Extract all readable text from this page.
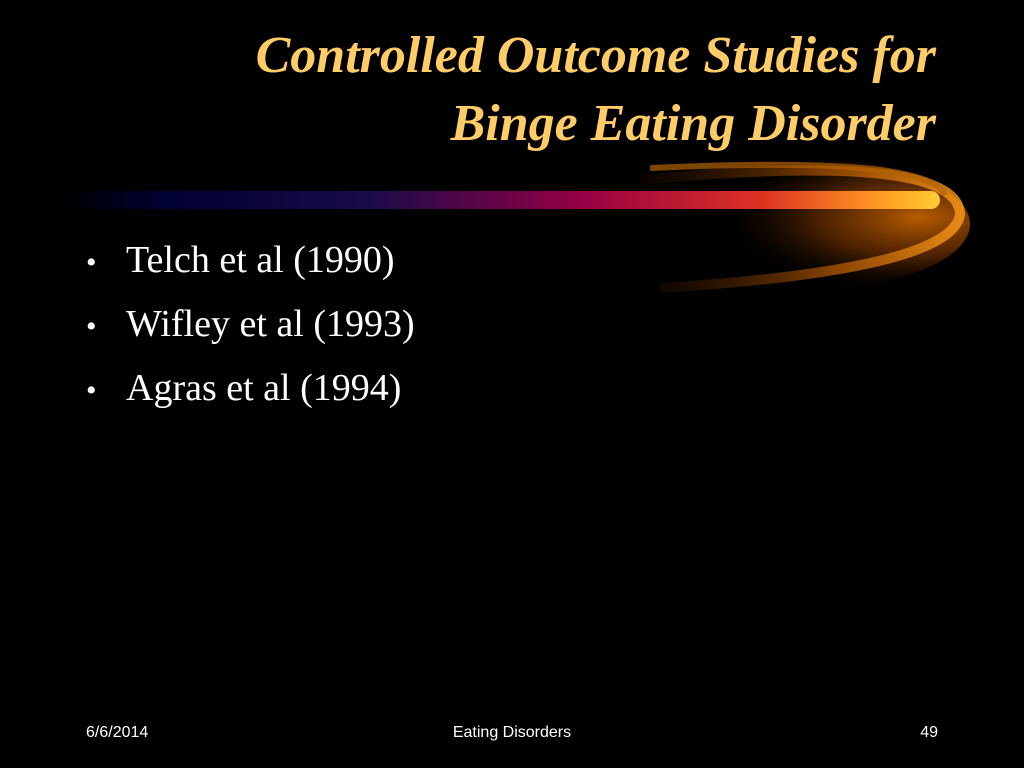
Controlled Outcome Studies for
Binge Eating Disorder
• Telch et al (1990)
• Wifley et al (1993)
• Agras et al (1994)
6/6/2014	Eating Disorders	49
